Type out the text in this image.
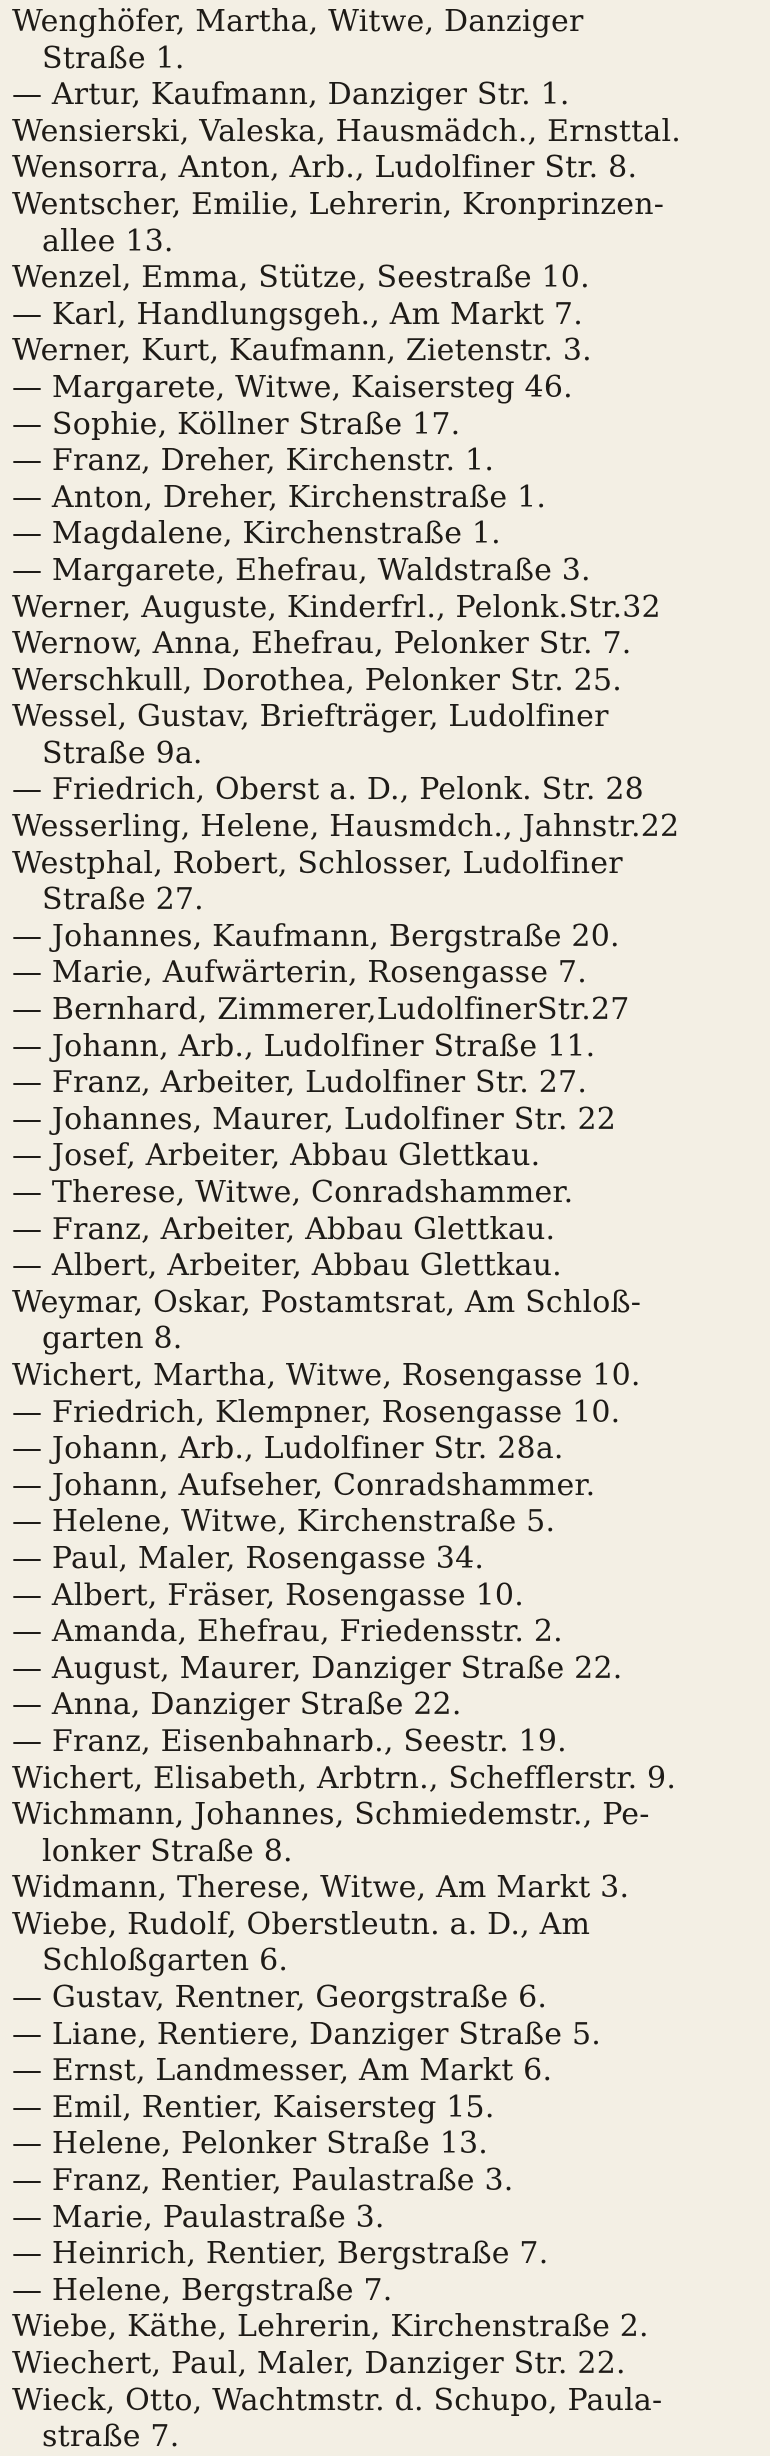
Wenghöfer, Martha, Witwe, Danziger
Straße 1.
— Artur, Kaufmann, Danziger Str. 1.
Wensierski, Valeska, Hausmädch., Ernsttal.
Wensorra, Anton, Arb., Ludolfiner Str. 8.
Wentscher, Emilie, Lehrerin, Kronprinzen-
allee 13.
Wenzel, Emma, Stütze, Seestraße 10.
— Karl, Handlungsgeh., Am Markt 7.
Werner, Kurt, Kaufmann, Zietenstr. 3.
— Margarete, Witwe, Kaisersteg 46.
— Sophie, Köllner Straße 17.
— Franz, Dreher, Kirchenstr. 1.
— Anton, Dreher, Kirchenstraße 1.
— Magdalene, Kirchenstraße 1.
— Margarete, Ehefrau, Waldstraße 3.
Werner, Auguste, Kinderfrl., Pelonk.Str.32
Wernow, Anna, Ehefrau, Pelonker Str. 7.
Werschkull, Dorothea, Pelonker Str. 25.
Wessel, Gustav, Briefträger, Ludolfiner
Straße 9a.
— Friedrich, Oberst a. D., Pelonk. Str. 28
Wesserling, Helene, Hausmdch., Jahnstr.22
Westphal, Robert, Schlosser, Ludolfiner
Straße 27.
— Johannes, Kaufmann, Bergstraße 20.
— Marie, Aufwärterin, Rosengasse 7.
— Bernhard, Zimmerer,LudolfinerStr.27
— Johann, Arb., Ludolfiner Straße 11.
— Franz, Arbeiter, Ludolfiner Str. 27.
— Johannes, Maurer, Ludolfiner Str. 22
— Josef, Arbeiter, Abbau Glettkau.
— Therese, Witwe, Conradshammer.
— Franz, Arbeiter, Abbau Glettkau.
— Albert, Arbeiter, Abbau Glettkau.
Weymar, Oskar, Postamtsrat, Am Schloß-
garten 8.
Wichert, Martha, Witwe, Rosengasse 10.
— Friedrich, Klempner, Rosengasse 10.
— Johann, Arb., Ludolfiner Str. 28a.
— Johann, Aufseher, Conradshammer.
— Helene, Witwe, Kirchenstraße 5.
— Paul, Maler, Rosengasse 34.
— Albert, Fräser, Rosengasse 10.
— Amanda, Ehefrau, Friedensstr. 2.
— August, Maurer, Danziger Straße 22.
— Anna, Danziger Straße 22.
— Franz, Eisenbahnarb., Seestr. 19.
Wichert, Elisabeth, Arbtrn., Schefflerstr. 9.
Wichmann, Johannes, Schmiedemstr., Pe-
lonker Straße 8.
Widmann, Therese, Witwe, Am Markt 3.
Wiebe, Rudolf, Oberstleutn. a. D., Am
Schloßgarten 6.
— Gustav, Rentner, Georgstraße 6.
— Liane, Rentiere, Danziger Straße 5.
— Ernst, Landmesser, Am Markt 6.
— Emil, Rentier, Kaisersteg 15.
— Helene, Pelonker Straße 13.
— Franz, Rentier, Paulastraße 3.
— Marie, Paulastraße 3.
— Heinrich, Rentier, Bergstraße 7.
— Helene, Bergstraße 7.
Wiebe, Käthe, Lehrerin, Kirchenstraße 2.
Wiechert, Paul, Maler, Danziger Str. 22.
Wieck, Otto, Wachtmstr. d. Schupo, Paula-
straße 7.
